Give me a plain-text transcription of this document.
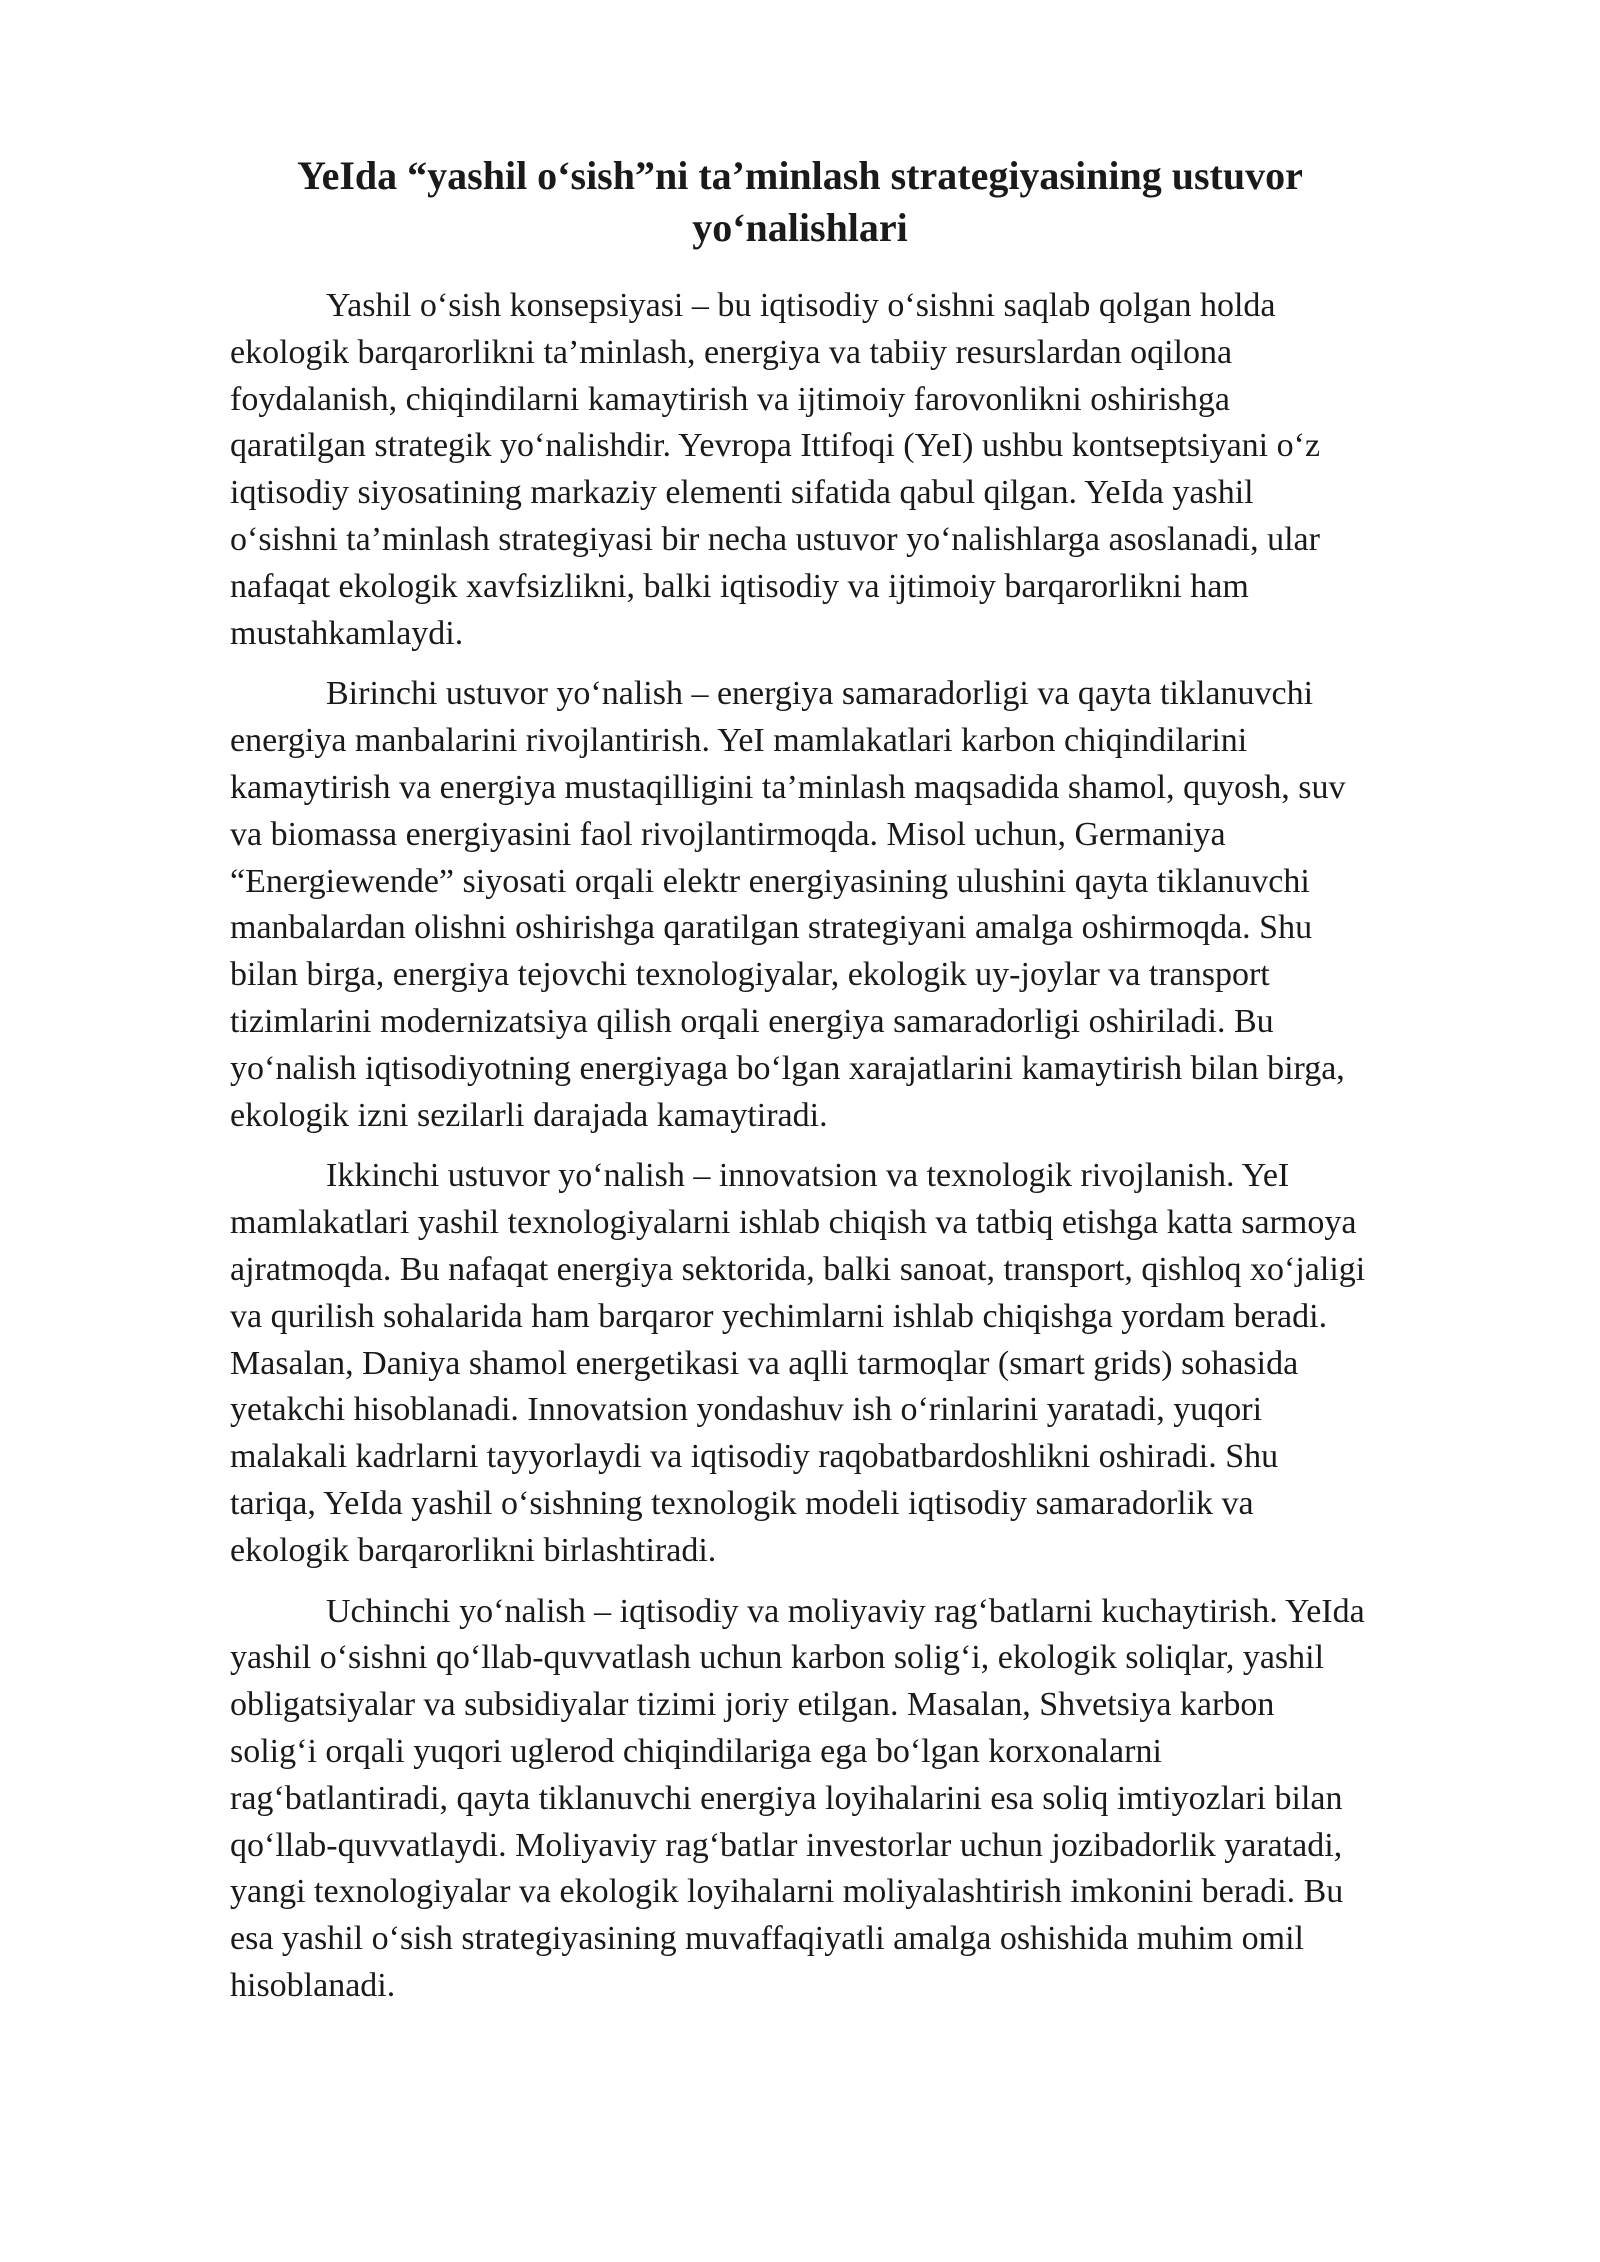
YeIda “yashil o‘sish”ni ta’minlash strategiyasining ustuvor
yo‘nalishlari
Yashil o‘sish konsepsiyasi – bu iqtisodiy o‘sishni saqlab qolgan holda
ekologik barqarorlikni ta’minlash, energiya va tabiiy resurslardan oqilona
foydalanish, chiqindilarni kamaytirish va ijtimoiy farovonlikni oshirishga
qaratilgan strategik yo‘nalishdir. Yevropa Ittifoqi (YeI) ushbu kontseptsiyani o‘z
iqtisodiy siyosatining markaziy elementi sifatida qabul qilgan. YeIda yashil
o‘sishni ta’minlash strategiyasi bir necha ustuvor yo‘nalishlarga asoslanadi, ular
nafaqat ekologik xavfsizlikni, balki iqtisodiy va ijtimoiy barqarorlikni ham
mustahkamlaydi.
Birinchi ustuvor yo‘nalish – energiya samaradorligi va qayta tiklanuvchi
energiya manbalarini rivojlantirish. YeI mamlakatlari karbon chiqindilarini
kamaytirish va energiya mustaqilligini ta’minlash maqsadida shamol, quyosh, suv
va biomassa energiyasini faol rivojlantirmoqda. Misol uchun, Germaniya
“Energiewende” siyosati orqali elektr energiyasining ulushini qayta tiklanuvchi
manbalardan olishni oshirishga qaratilgan strategiyani amalga oshirmoqda. Shu
bilan birga, energiya tejovchi texnologiyalar, ekologik uy-joylar va transport
tizimlarini modernizatsiya qilish orqali energiya samaradorligi oshiriladi. Bu
yo‘nalish iqtisodiyotning energiyaga bo‘lgan xarajatlarini kamaytirish bilan birga,
ekologik izni sezilarli darajada kamaytiradi.
Ikkinchi ustuvor yo‘nalish – innovatsion va texnologik rivojlanish. YeI
mamlakatlari yashil texnologiyalarni ishlab chiqish va tatbiq etishga katta sarmoya
ajratmoqda. Bu nafaqat energiya sektorida, balki sanoat, transport, qishloq xo‘jaligi
va qurilish sohalarida ham barqaror yechimlarni ishlab chiqishga yordam beradi.
Masalan, Daniya shamol energetikasi va aqlli tarmoqlar (smart grids) sohasida
yetakchi hisoblanadi. Innovatsion yondashuv ish o‘rinlarini yaratadi, yuqori
malakali kadrlarni tayyorlaydi va iqtisodiy raqobatbardoshlikni oshiradi. Shu
tariqa, YeIda yashil o‘sishning texnologik modeli iqtisodiy samaradorlik va
ekologik barqarorlikni birlashtiradi.
Uchinchi yo‘nalish – iqtisodiy va moliyaviy rag‘batlarni kuchaytirish. YeIda
yashil o‘sishni qo‘llab-quvvatlash uchun karbon solig‘i, ekologik soliqlar, yashil
obligatsiyalar va subsidiyalar tizimi joriy etilgan. Masalan, Shvetsiya karbon
solig‘i orqali yuqori uglerod chiqindilariga ega bo‘lgan korxonalarni
rag‘batlantiradi, qayta tiklanuvchi energiya loyihalarini esa soliq imtiyozlari bilan
qo‘llab-quvvatlaydi. Moliyaviy rag‘batlar investorlar uchun jozibadorlik yaratadi,
yangi texnologiyalar va ekologik loyihalarni moliyalashtirish imkonini beradi. Bu
esa yashil o‘sish strategiyasining muvaffaqiyatli amalga oshishida muhim omil
hisoblanadi.
